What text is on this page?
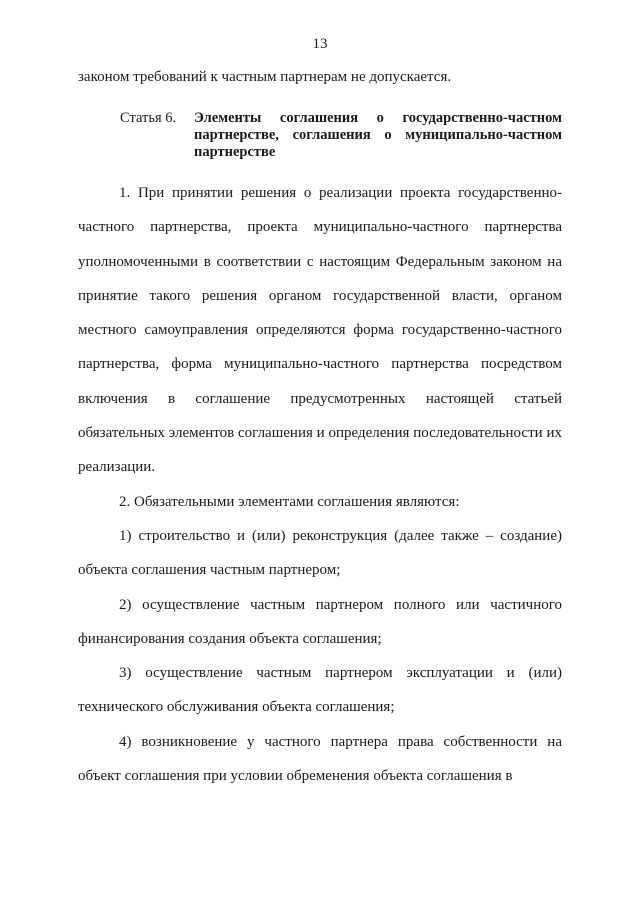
13
законом требований к частным партнерам не допускается.
Статья 6.	Элементы соглашения о государственно-частном партнерстве, соглашения о муниципально-частном партнерстве

1. При принятии решения о реализации проекта государственно-частного партнерства, проекта муниципально-частного партнерства уполномоченными в соответствии с настоящим Федеральным законом на принятие такого решения органом государственной власти, органом местного самоуправления определяются форма государственно-частного партнерства, форма муниципально-частного партнерства посредством включения в соглашение предусмотренных настоящей статьей обязательных элементов соглашения и определения последовательности их реализации.

2. Обязательными элементами соглашения являются:

1) строительство и (или) реконструкция (далее также – создание) объекта соглашения частным партнером;

2) осуществление частным партнером полного или частичного финансирования создания объекта соглашения;

3) осуществление частным партнером эксплуатации и (или) технического обслуживания объекта соглашения;

4) возникновение у частного партнера права собственности на объект соглашения при условии обременения объекта соглашения в
